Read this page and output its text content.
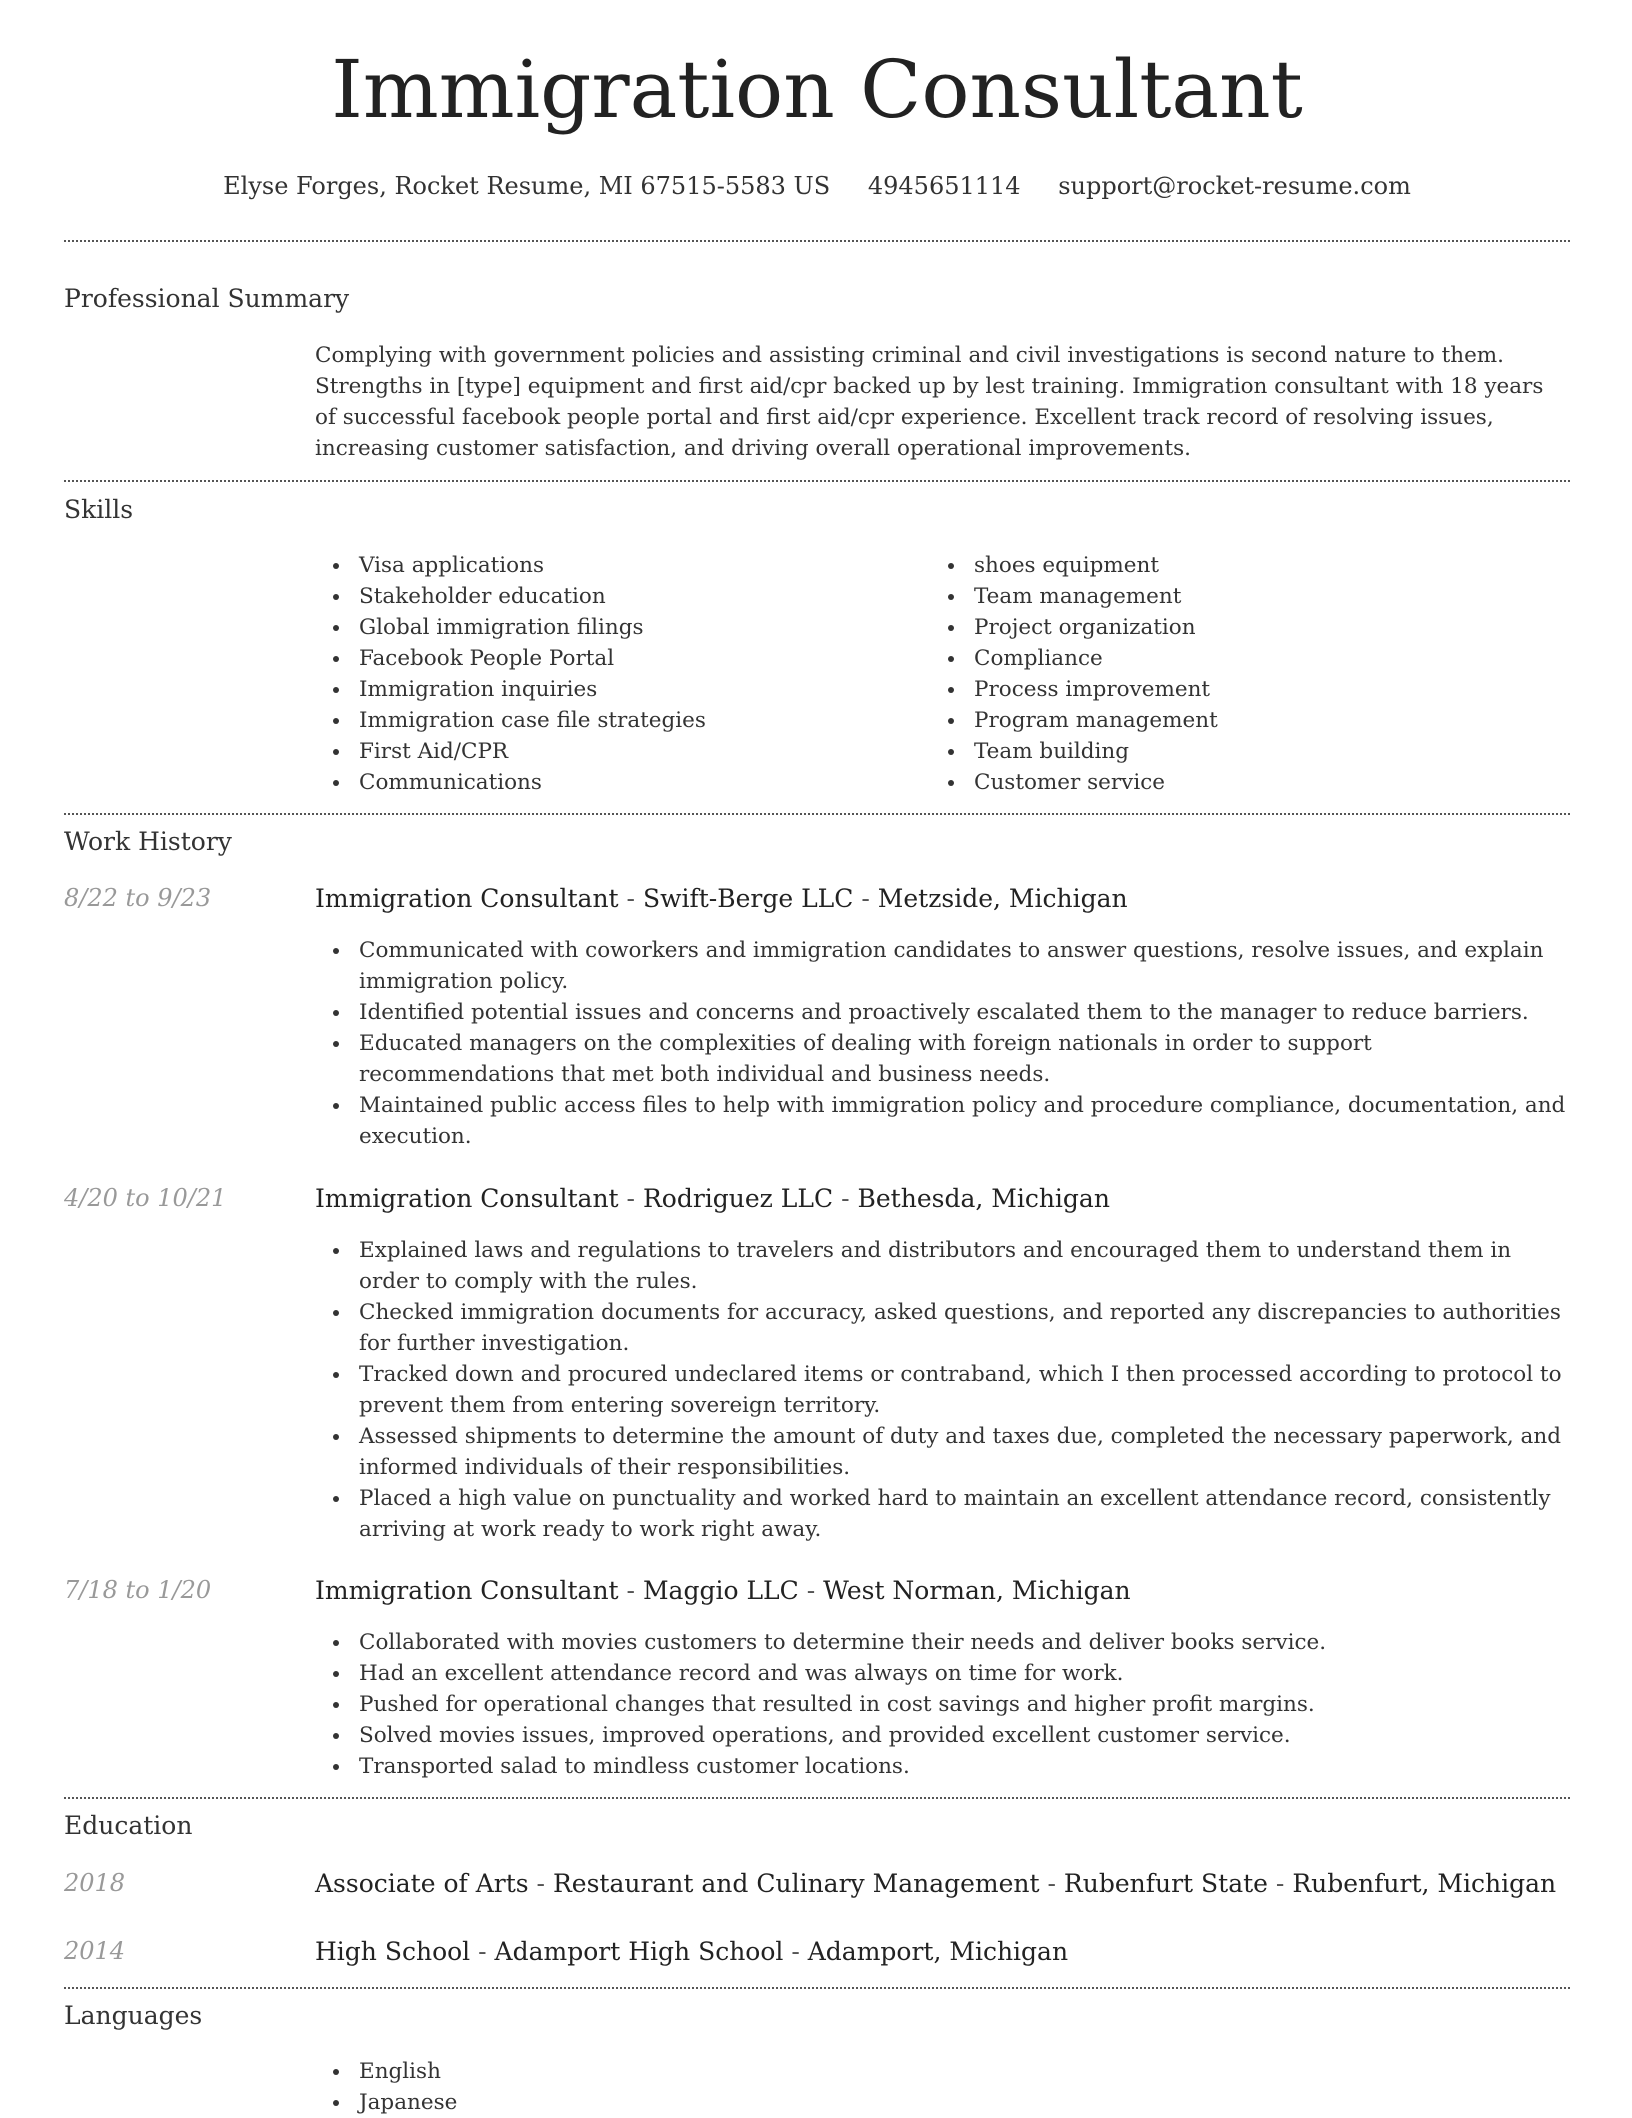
Immigration Consultant
Elyse Forges, Rocket Resume, MI 67515-5583 US 4945651114 support@rocket-resume.com
Professional Summary

Complying with government policies and assisting criminal and civil investigations is second nature to them. Strengths in [type] equipment and first aid/cpr backed up by lest training. Immigration consultant with 18 years of successful facebook people portal and first aid/cpr experience. Excellent track record of resolving issues, increasing customer satisfaction, and driving overall operational improvements.

Skills
Visa applications
Stakeholder education
Global immigration filings
Facebook People Portal
Immigration inquiries
Immigration case file strategies
First Aid/CPR
Communications
shoes equipment
Team management
Project organization
Compliance
Process improvement
Program management
Team building
Customer service
Work History
8/22 to 9/23	Immigration Consultant - Swift-Berge LLC - Metzside, Michigan
Communicated with coworkers and immigration candidates to answer questions, resolve issues, and explain immigration policy.
Identified potential issues and concerns and proactively escalated them to the manager to reduce barriers.
Educated managers on the complexities of dealing with foreign nationals in order to support recommendations that met both individual and business needs.
Maintained public access files to help with immigration policy and procedure compliance, documentation, and execution.
4/20 to 10/21	Immigration Consultant - Rodriguez LLC - Bethesda, Michigan
Explained laws and regulations to travelers and distributors and encouraged them to understand them in order to comply with the rules.
Checked immigration documents for accuracy, asked questions, and reported any discrepancies to authorities for further investigation.
Tracked down and procured undeclared items or contraband, which I then processed according to protocol to prevent them from entering sovereign territory.
Assessed shipments to determine the amount of duty and taxes due, completed the necessary paperwork, and informed individuals of their responsibilities.
Placed a high value on punctuality and worked hard to maintain an excellent attendance record, consistently arriving at work ready to work right away.
7/18 to 1/20	Immigration Consultant - Maggio LLC - West Norman, Michigan
Collaborated with movies customers to determine their needs and deliver books service.
Had an excellent attendance record and was always on time for work.
Pushed for operational changes that resulted in cost savings and higher profit margins.
Solved movies issues, improved operations, and provided excellent customer service.
Transported salad to mindless customer locations.
Education
2018	Associate of Arts - Restaurant and Culinary Management - Rubenfurt State - Rubenfurt, Michigan
2014	High School - Adamport High School - Adamport, Michigan
Languages
English
Japanese
